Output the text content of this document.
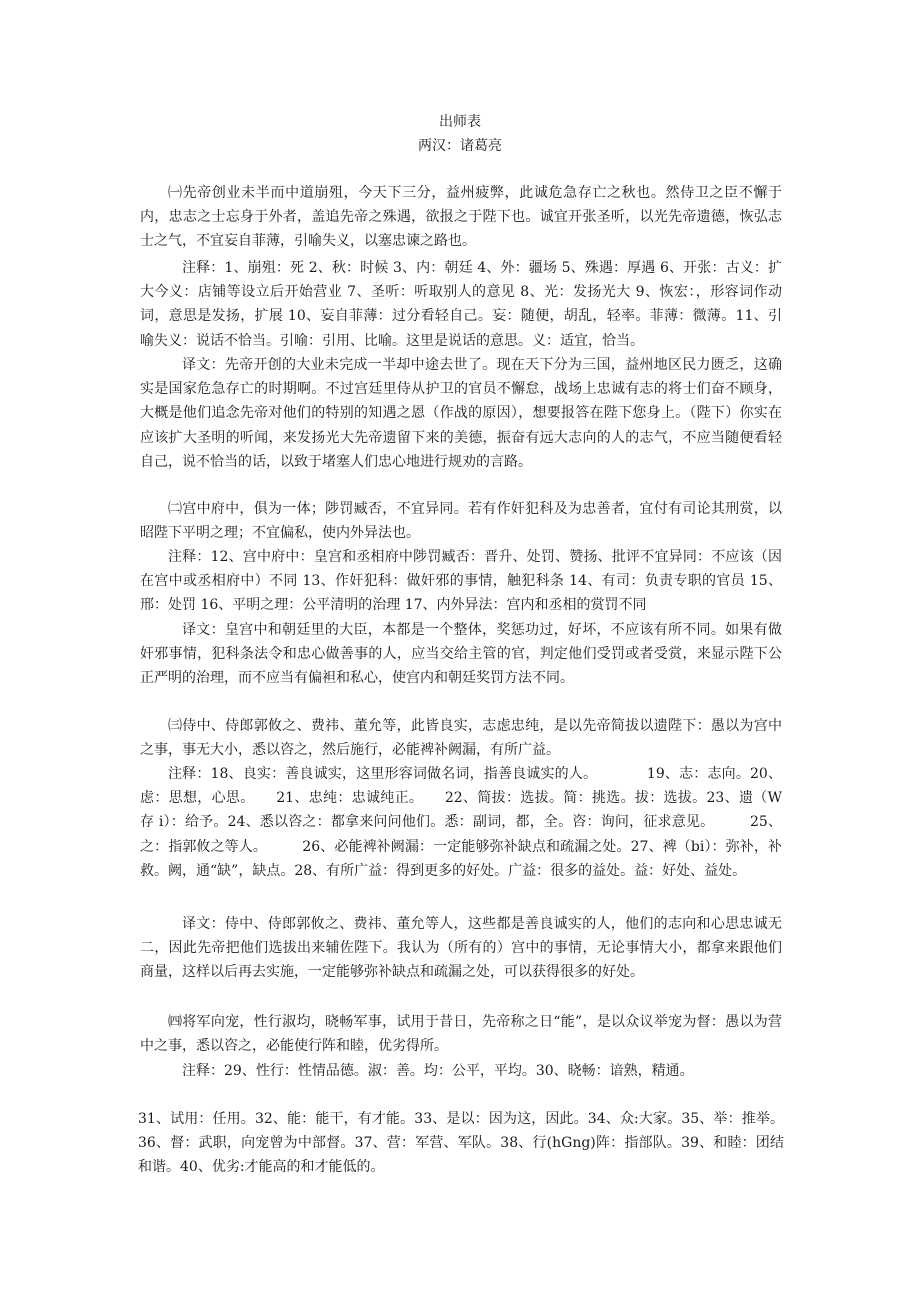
出师表
两汉：诸葛亮

㈠先帝创业未半而中道崩殂，今天下三分，益州疲弊，此诚危急存亡之秋也。然侍卫之臣不懈于内，忠志之士忘身于外者，盖追先帝之殊遇，欲报之于陛下也。诚宜开张圣听，以光先帝遗德，恢弘志士之气，不宜妄自菲薄，引喻失义，以塞忠谏之路也。

注释：1、崩殂：死 2、秋：时候 3、内：朝廷 4、外：疆场 5、殊遇：厚遇 6、开张：古义：扩大今义：店铺等设立后开始营业 7、圣听：听取别人的意见 8、光：发扬光大 9、恢宏：，形容词作动词，意思是发扬，扩展 10、妄自菲薄：过分看轻自己。妄：随便，胡乱，轻率。菲薄：微薄。11、引喻失义：说话不恰当。引喻：引用、比喻。这里是说话的意思。义：适宜，恰当。

译文：先帝开创的大业未完成一半却中途去世了。现在天下分为三国，益州地区民力匮乏，这确实是国家危急存亡的时期啊。不过宫廷里侍从护卫的官员不懈怠，战场上忠诚有志的将士们奋不顾身，大概是他们追念先帝对他们的特别的知遇之恩（作战的原因），想要报答在陛下您身上。（陛下）你实在应该扩大圣明的听闻，来发扬光大先帝遗留下来的美德，振奋有远大志向的人的志气，不应当随便看轻自己，说不恰当的话，以致于堵塞人们忠心地进行规劝的言路。

㈡宫中府中，俱为一体；陟罚臧否，不宜异同。若有作奸犯科及为忠善者，宜付有司论其刑赏，以昭陛下平明之理；不宜偏私，使内外异法也。

注释：12、宫中府中：皇宫和丞相府中陟罚臧否：晋升、处罚、赞扬、批评不宜异同：不应该（因在宫中或丞相府中）不同 13、作奸犯科：做奸邪的事情，触犯科条 14、有司：负责专职的官员 15、邢：处罚 16、平明之理：公平清明的治理 17、内外异法：宫内和丞相的赏罚不同

译文：皇宫中和朝廷里的大臣，本都是一个整体，奖惩功过，好坏，不应该有所不同。如果有做奸邪事情，犯科条法令和忠心做善事的人，应当交给主管的官，判定他们受罚或者受赏，来显示陛下公正严明的治理，而不应当有偏袒和私心，使宫内和朝廷奖罚方法不同。

㈢侍中、侍郎郭攸之、费祎、董允等，此皆良实，志虑忠纯，是以先帝简拔以遗陛下：愚以为宫中之事，事无大小，悉以咨之，然后施行，必能裨补阙漏，有所广益。

注释：18、良实：善良诚实，这里形容词做名词，指善良诚实的人。　　　　19、志：志向。20、虑：思想，心思。　　21、忠纯：忠诚纯正。　　22、简拔：选拔。简：挑选。拔：选拔。23、遗（W 存 i）：给予。24、悉以咨之：都拿来问问他们。悉：副词，都，全。咨：询问，征求意见。　　　25、之：指郭攸之等人。　　　26、必能裨补阙漏：一定能够弥补缺点和疏漏之处。27、裨（bi）：弥补，补救。阙，通“缺”，缺点。28、有所广益：得到更多的好处。广益：很多的益处。益：好处、益处。

译文：侍中、侍郎郭攸之、费祎、董允等人，这些都是善良诚实的人，他们的志向和心思忠诚无二，因此先帝把他们选拔出来辅佐陛下。我认为（所有的）宫中的事情，无论事情大小，都拿来跟他们商量，这样以后再去实施，一定能够弥补缺点和疏漏之处，可以获得很多的好处。

㈣将军向宠，性行淑均，晓畅军事，试用于昔日，先帝称之日“能”，是以众议举宠为督：愚以为营中之事，悉以咨之，必能使行阵和睦，优劣得所。

注释：29、性行：性情品德。淑：善。均：公平，平均。30、晓畅：谙熟，精通。

31、试用：任用。32、能：能干，有才能。33、是以：因为这，因此。34、众:大家。35、举：推举。36、督：武职，向宠曾为中部督。37、营：军营、军队。38、行(hGng)阵：指部队。39、和睦：团结和谐。40、优劣:才能高的和才能低的。
